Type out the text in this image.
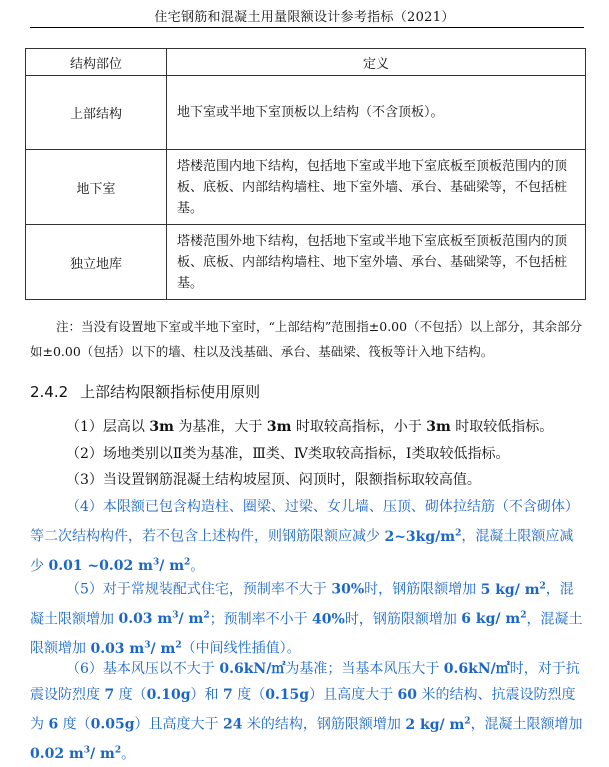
住宅钢筋和混凝土用量限额设计参考指标（2021）
结构部位	定义
上部结构	地下室或半地下室顶板以上结构（不含顶板）。
地下室	塔楼范围内地下结构，包括地下室或半地下室底板至顶板范围内的顶板、底板、内部结构墙柱、地下室外墙、承台、基础梁等，不包括桩基。
独立地库	塔楼范围外地下结构，包括地下室或半地下室底板至顶板范围内的顶板、底板、内部结构墙柱、地下室外墙、承台、基础梁等，不包括桩基。
注：当没有设置地下室或半地下室时，“上部结构”范围指±0.00（不包括）以上部分，其余部分如±0.00（包括）以下的墙、柱以及浅基础、承台、基础梁、筏板等计入地下结构。
2.4.2 上部结构限额指标使用原则
（1）层高以 3m 为基准，大于 3m 时取较高指标，小于 3m 时取较低指标。
（2）场地类别以Ⅱ类为基准，Ⅲ类、Ⅳ类取较高指标，Ⅰ类取较低指标。
（3）当设置钢筋混凝土结构坡屋顶、闷顶时，限额指标取较高值。
（4）本限额已包含构造柱、圈梁、过梁、女儿墙、压顶、砌体拉结筋（不含砌体）等二次结构构件，若不包含上述构件，则钢筋限额应减少 $2\sim 3kg/m^2$，混凝土限额应减少 0.01 ~0.02 $m^3/$ $m^2$。
（5）对于常规装配式住宅，预制率不大于 30%时，钢筋限额增加 5 kg/ $m^2$，混凝土限额增加 0.03 $m^3/$ $m^2$；预制率不小于 40%时，钢筋限额增加 6 kg/ $m^2$，混凝土限额增加 0.03 $m^3/$ $m^2$（中间线性插值）。
（6）基本风压以不大于 0.6kN/㎡为基准；当基本风压大于 0.6kN/㎡时，对于抗震设防烈度 7 度（0.10g）和 7 度（0.15g）且高度大于 60 米的结构、抗震设防烈度为 6 度（0.05g）且高度大于 24 米的结构，钢筋限额增加 2 kg/ $m^2$，混凝土限额增加 0.02 $m^3/$ $m^2$。
